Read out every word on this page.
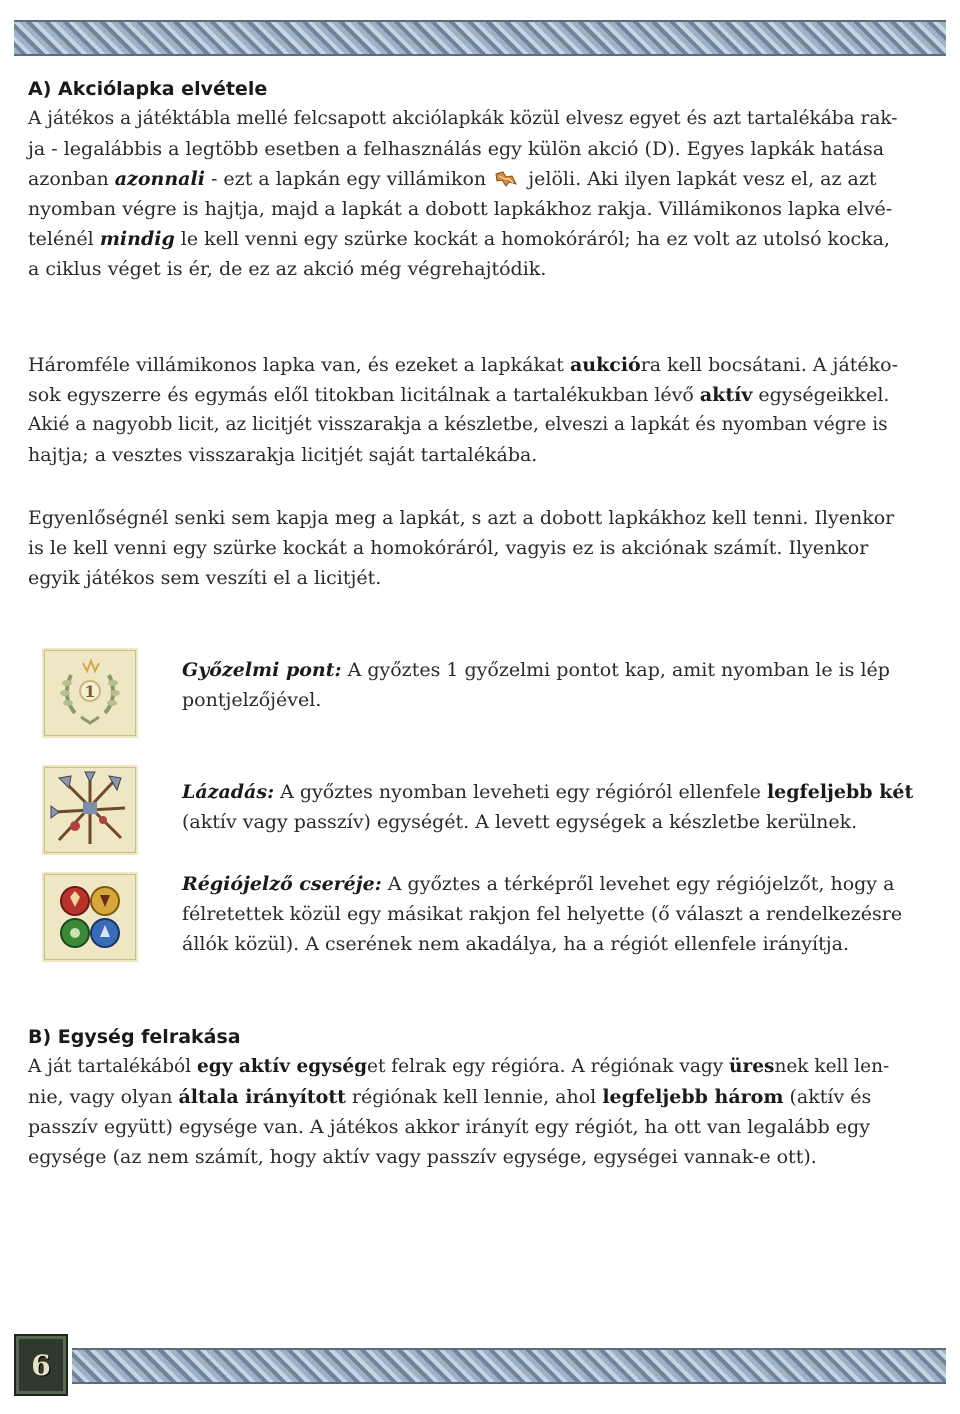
A) Akciólapka elvétele

A játékos a játéktábla mellé felcsapott akciólapkák közül elvesz egyet és azt tartalékába rak-
ja - legalábbis a legtöbb esetben a felhasználás egy külön akció (D). Egyes lapkák hatása
azonban azonnali - ezt a lapkán egy villámikon  jelöli. Aki ilyen lapkát vesz el, az azt
nyomban végre is hajtja, majd a lapkát a dobott lapkákhoz rakja. Villámikonos lapka elvé-
telénél mindig le kell venni egy szürke kockát a homokóráról; ha ez volt az utolsó kocka,
a ciklus véget is ér, de ez az akció még végrehajtódik.

Háromféle villámikonos lapka van, és ezeket a lapkákat aukcióra kell bocsátani. A játéko-
sok egyszerre és egymás elől titokban licitálnak a tartalékukban lévő aktív egységeikkel.
Akié a nagyobb licit, az licitjét visszarakja a készletbe, elveszi a lapkát és nyomban végre is
hajtja; a vesztes visszarakja licitjét saját tartalékába.

Egyenlőségnél senki sem kapja meg a lapkát, s azt a dobott lapkákhoz kell tenni. Ilyenkor
is le kell venni egy szürke kockát a homokóráról, vagyis ez is akciónak számít. Ilyenkor
egyik játékos sem veszíti el a licitjét.

1
Győzelmi pont: A győztes 1 győzelmi pontot kap, amit nyomban le is lép
pontjelzőjével.
Lázadás: A győztes nyomban leveheti egy régióról ellenfele legfeljebb két
(aktív vagy passzív) egységét. A levett egységek a készletbe kerülnek.
Régiójelző cseréje: A győztes a térképről levehet egy régiójelzőt, hogy a
félretettek közül egy másikat rakjon fel helyette (ő választ a rendelkezésre
állók közül). A cserének nem akadálya, ha a régiót ellenfele irányítja.
B) Egység felrakása

A ját tartalékából egy aktív egységet felrak egy régióra. A régiónak vagy üresnek kell len-
nie, vagy olyan általa irányított régiónak kell lennie, ahol legfeljebb három (aktív és
passzív együtt) egysége van. A játékos akkor irányít egy régiót, ha ott van legalább egy
egysége (az nem számít, hogy aktív vagy passzív egysége, egységei vannak-e ott).

6
